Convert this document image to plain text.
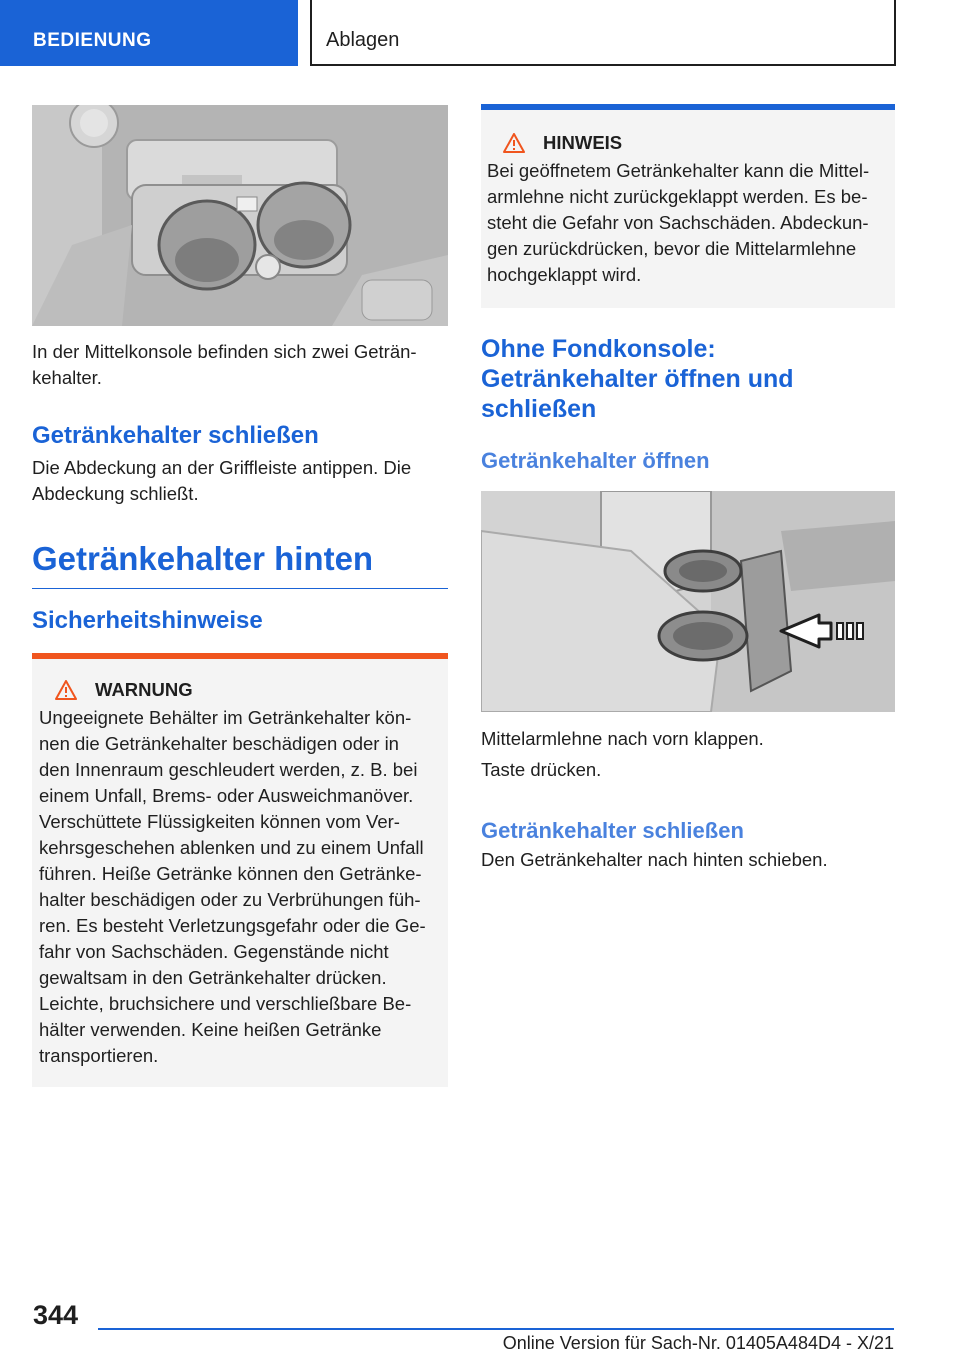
BEDIENUNG	Ablagen

In der Mittelkonsole befinden sich zwei Geträn-
kehalter.

Getränkehalter schließen

Die Abdeckung an der Griffleiste antippen. Die
Abdeckung schließt.

Getränkehalter hinten
Sicherheitshinweise
WARNUNG

Ungeeignete Behälter im Getränkehalter kön-
nen die Getränkehalter beschädigen oder in
den Innenraum geschleudert werden, z. B. bei
einem Unfall, Brems- oder Ausweichmanöver.
Verschüttete Flüssigkeiten können vom Ver-
kehrsgeschehen ablenken und zu einem Unfall
führen. Heiße Getränke können den Getränke-
halter beschädigen oder zu Verbrühungen füh-
ren. Es besteht Verletzungsgefahr oder die Ge-
fahr von Sachschäden. Gegenstände nicht
gewaltsam in den Getränkehalter drücken.
Leichte, bruchsichere und verschließbare Be-
hälter verwenden. Keine heißen Getränke
transportieren.

HINWEIS

Bei geöffnetem Getränkehalter kann die Mittel-
armlehne nicht zurückgeklappt werden. Es be-
steht die Gefahr von Sachschäden. Abdeckun-
gen zurückdrücken, bevor die Mittelarmlehne
hochgeklappt wird.

Ohne Fondkonsole:
Getränkehalter öffnen und
schließen
Getränkehalter öffnen

Mittelarmlehne nach vorn klappen.

Taste drücken.

Getränkehalter schließen

Den Getränkehalter nach hinten schieben.

344
Online Version für Sach-Nr. 01405A484D4 - X/21
